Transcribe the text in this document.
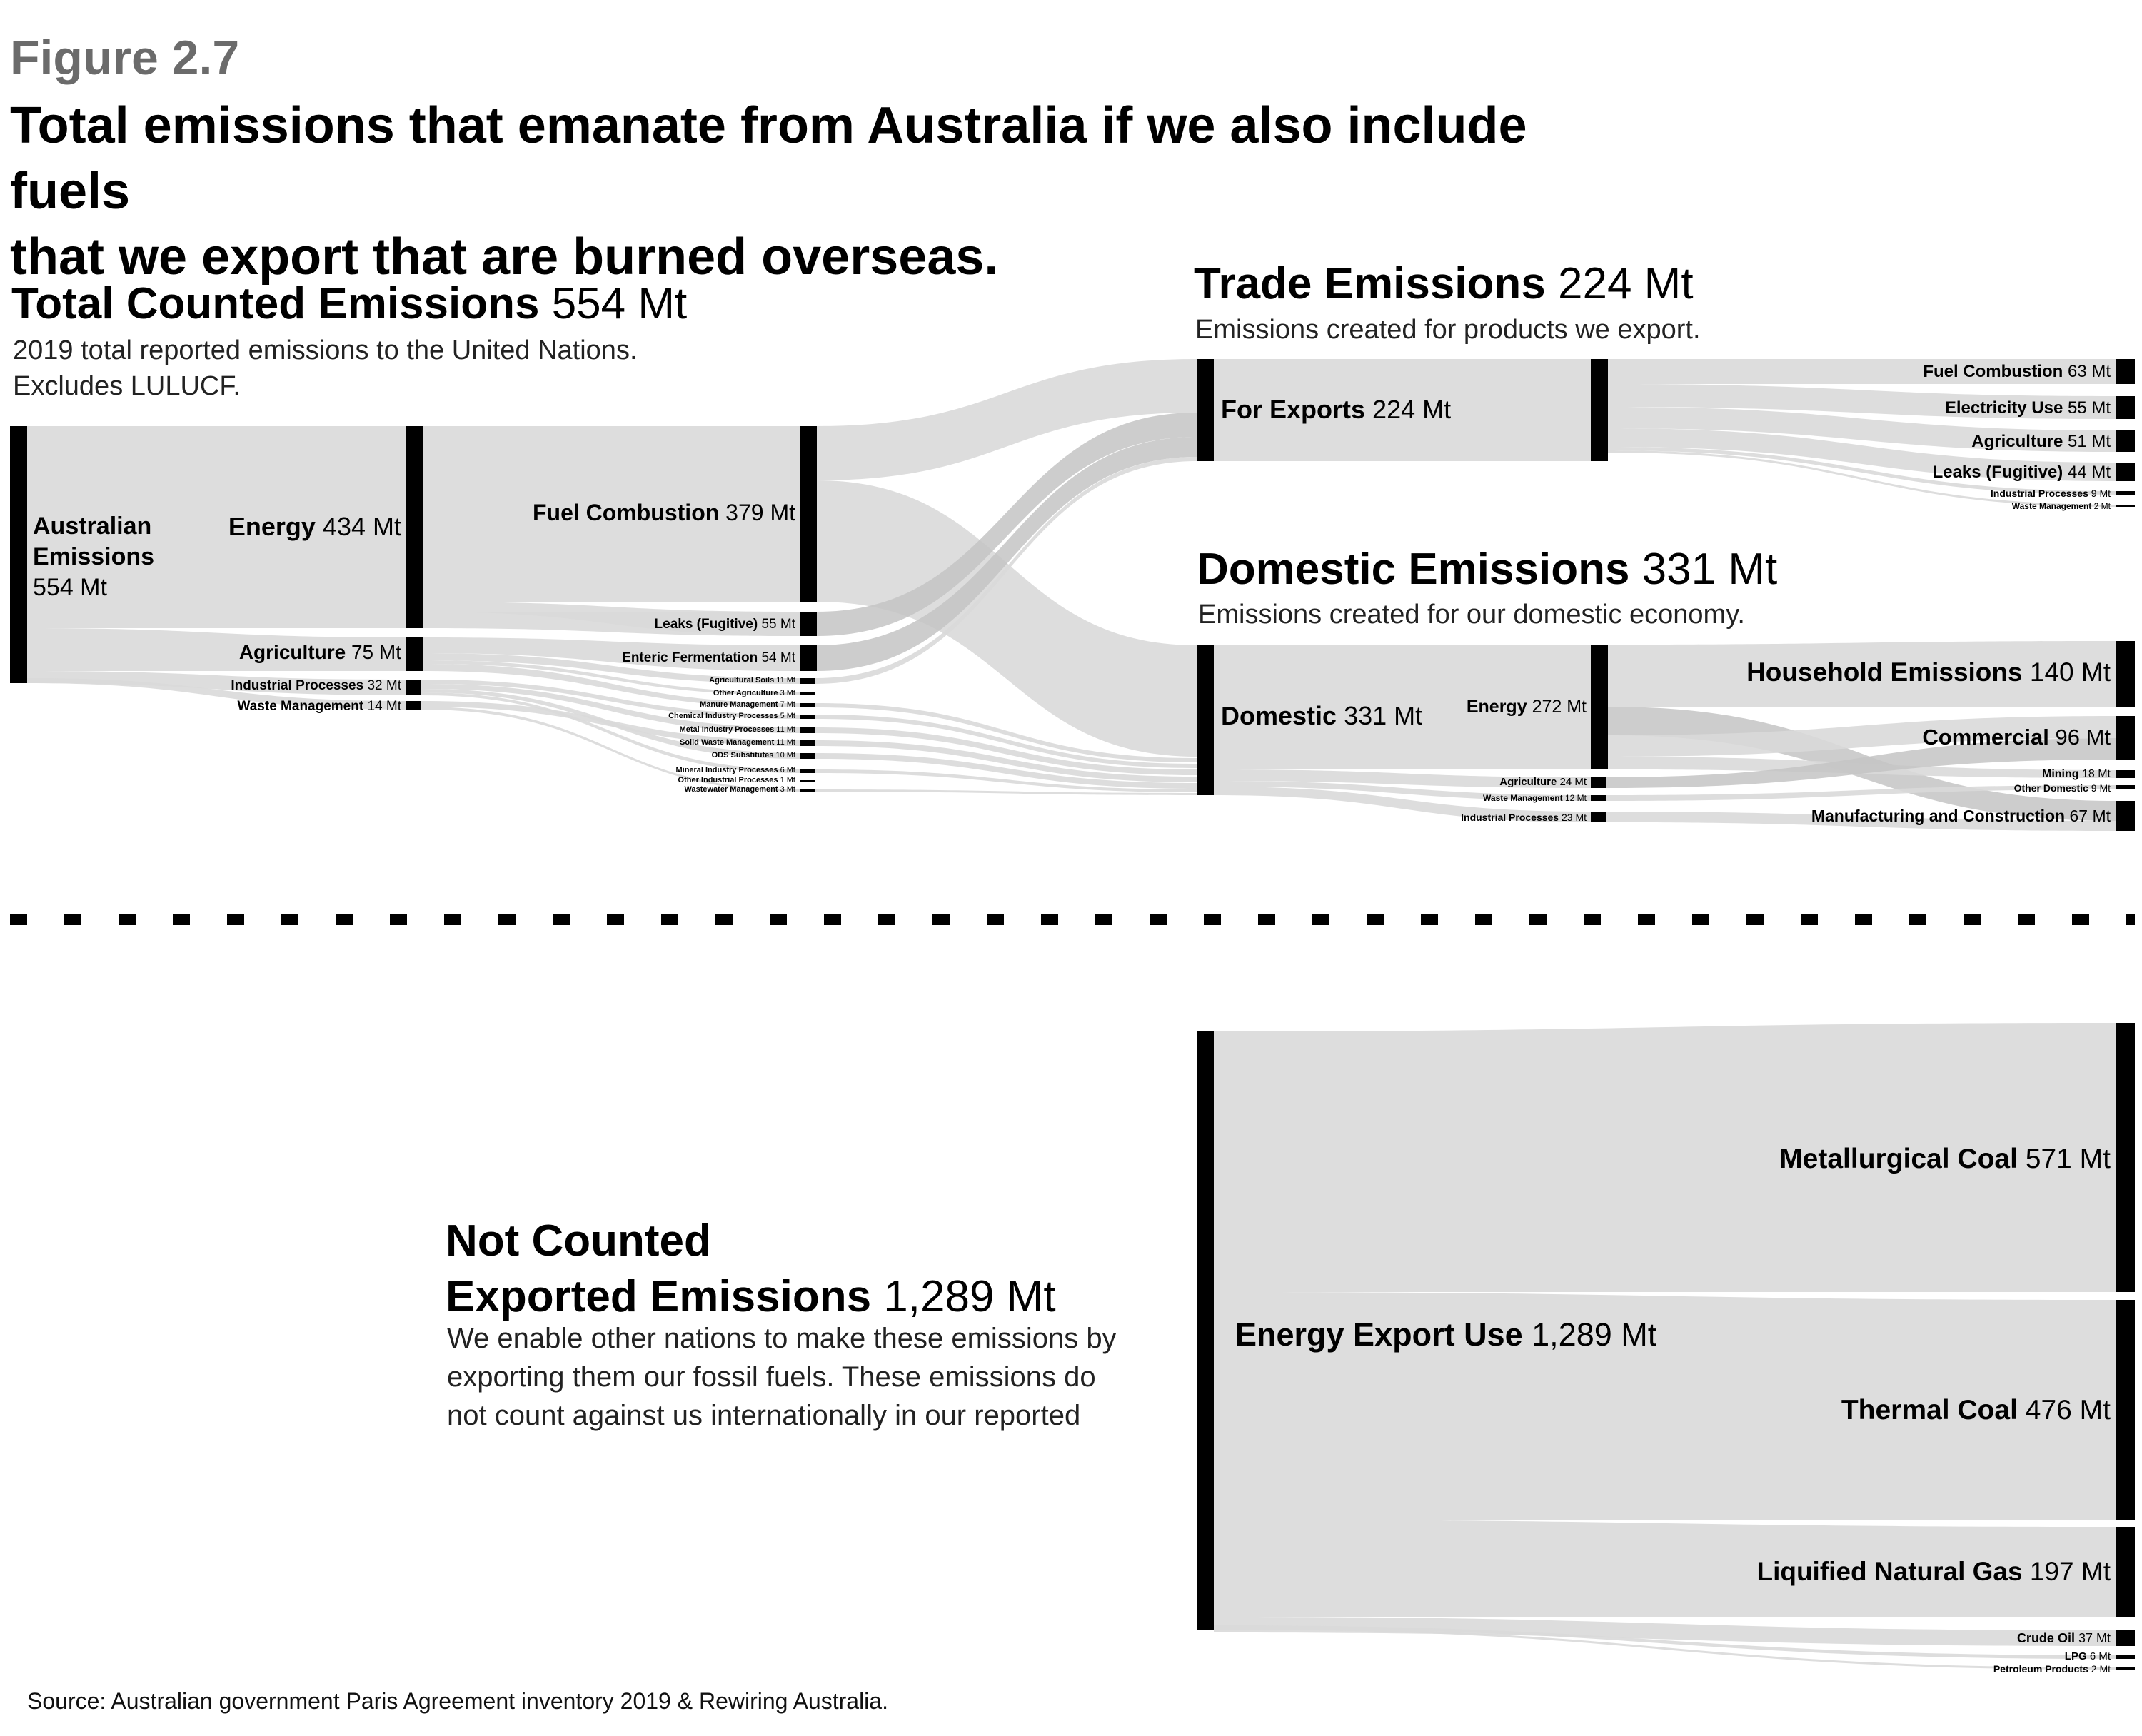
Figure 2.7
Total emissions that emanate from Australia if we also include fuels
that we export that are burned overseas.
Total Counted Emissions 554 Mt
2019 total reported emissions to the United Nations.
Excludes LULUCF.
Trade Emissions 224 Mt
Emissions created for products we export.
Domestic Emissions 331 Mt
Emissions created for our domestic economy.
Not Counted
Exported Emissions 1,289 Mt
We enable other nations to make these emissions by
exporting them our fossil fuels. These emissions do
not count against us internationally in our reported
Australian
Emissions
554 Mt
Energy 434 Mt
Agriculture 75 Mt
Industrial Processes 32 Mt
Waste Management 14 Mt
Fuel Combustion 379 Mt
Leaks (Fugitive) 55 Mt
Enteric Fermentation 54 Mt
Agricultural Soils 11 Mt
Other Agriculture 3 Mt
Manure Management 7 Mt
Chemical Industry Processes 5 Mt
Metal Industry Processes 11 Mt
Solid Waste Management 11 Mt
ODS Substitutes 10 Mt
Mineral Industry Processes 6 Mt
Other Industrial Processes 1 Mt
Wastewater Management 3 Mt
For Exports 224 Mt
Domestic 331 Mt Energy 272 Mt
Agriculture 24 Mt
Waste Management 12 Mt
Industrial Processes 23 Mt
Fuel Combustion 63 Mt
Electricity Use 55 Mt
Agriculture 51 Mt
Leaks (Fugitive) 44 Mt
Industrial Processes 9 Mt
Waste Management 2 Mt
Household Emissions 140 Mt
Commercial 96 Mt
Mining 18 Mt
Other Domestic 9 Mt
Manufacturing and Construction 67 Mt
Energy Export Use 1,289 Mt
Metallurgical Coal 571 Mt
Thermal Coal 476 Mt
Liquified Natural Gas 197 Mt
Crude Oil 37 Mt
LPG 6 Mt
Petroleum Products 2 Mt
Source: Australian government Paris Agreement inventory 2019 & Rewiring Australia.
